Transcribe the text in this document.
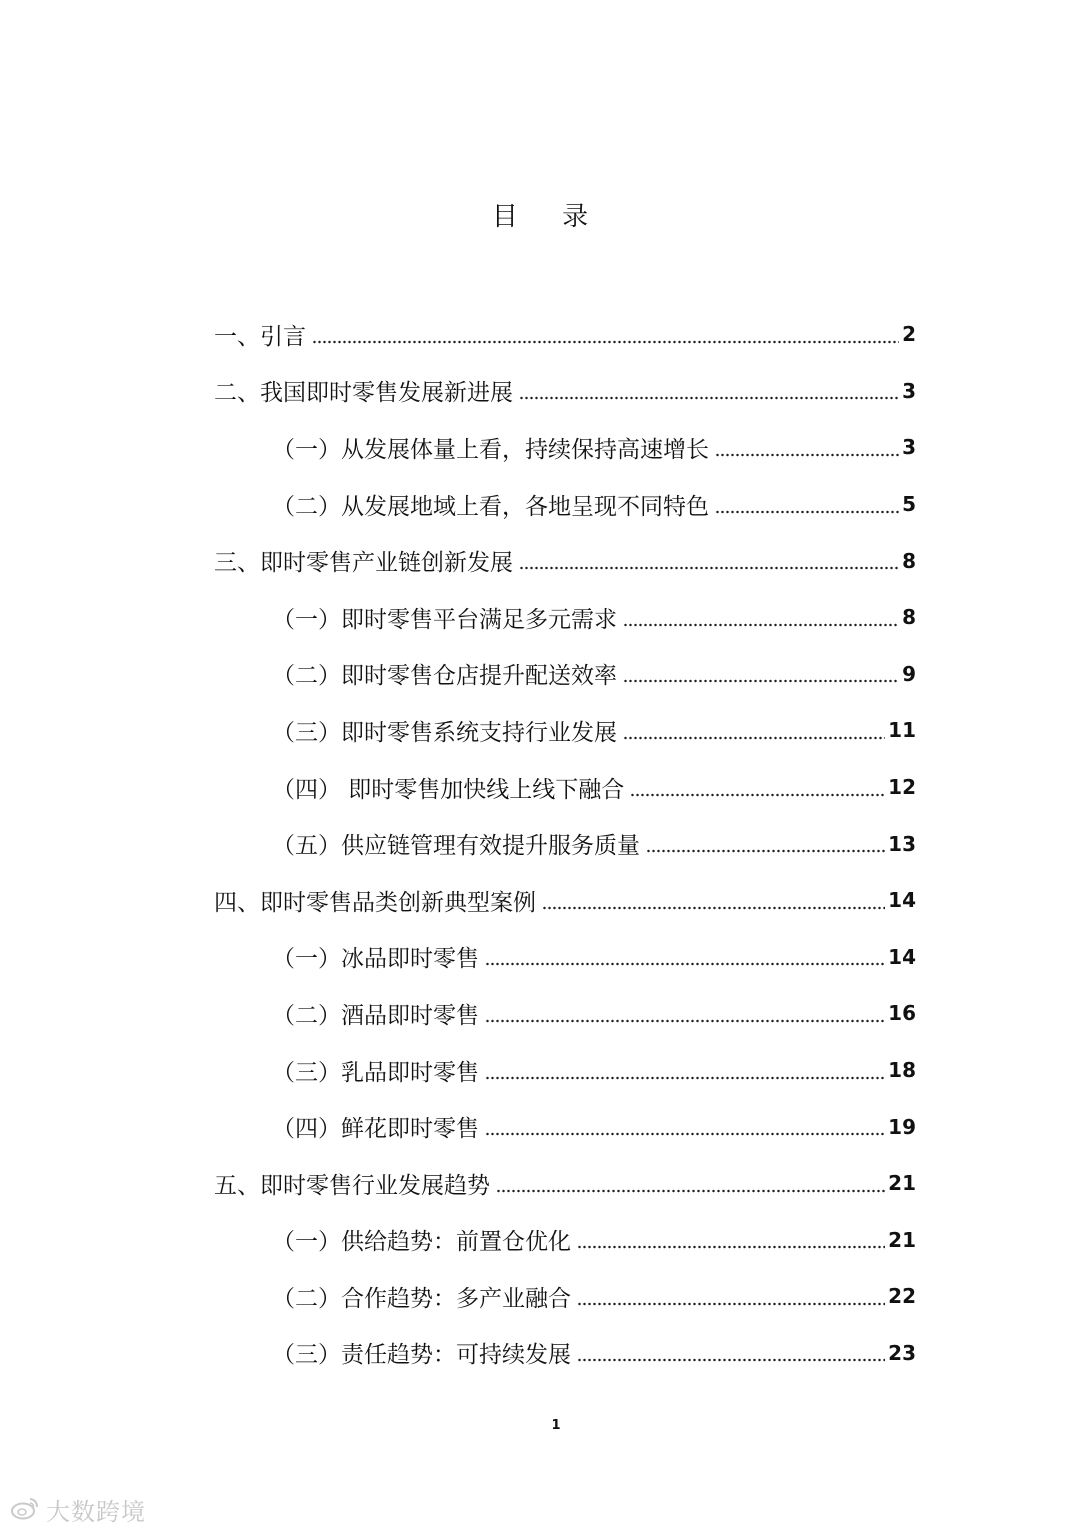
目 录
一、引言	2
二、我国即时零售发展新进展	3
（一）从发展体量上看，持续保持高速增长	3
（二）从发展地域上看，各地呈现不同特色	5
三、即时零售产业链创新发展	8
（一）即时零售平台满足多元需求	8
（二）即时零售仓店提升配送效率	9
（三）即时零售系统支持行业发展	11
（四） 即时零售加快线上线下融合	12
（五）供应链管理有效提升服务质量	13
四、即时零售品类创新典型案例	14
（一）冰品即时零售	14
（二）酒品即时零售	16
（三）乳品即时零售	18
（四）鲜花即时零售	19
五、即时零售行业发展趋势	21
（一）供给趋势：前置仓优化	21
（二）合作趋势：多产业融合	22
（三）责任趋势：可持续发展	23
1
大数跨境
